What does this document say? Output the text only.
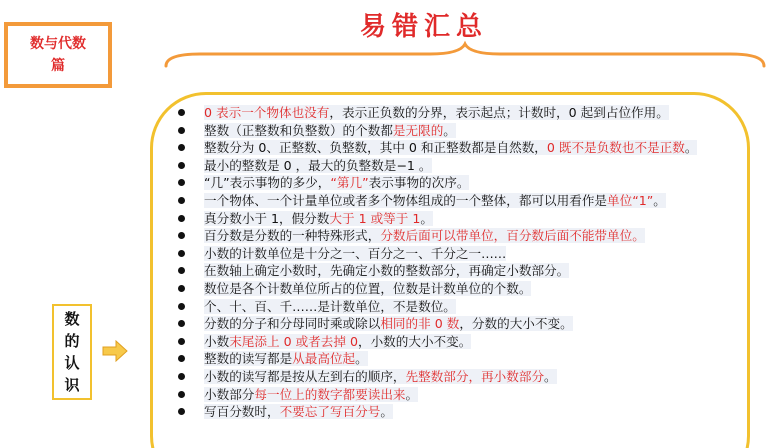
数与代数
篇
易错汇总
0 表示一个物体也没有，表示正负数的分界，表示起点；计数时，0 起到占位作用。
整数（正整数和负整数）的个数都是无限的。
整数分为 0、正整数、负整数，其中 0 和正整数都是自然数，0 既不是负数也不是正数。
最小的整数是 0 ，最大的负整数是−1 。
“几”表示事物的多少，“第几”表示事物的次序。
一个物体、一个计量单位或者多个物体组成的一个整体，都可以用看作是单位“1”。
真分数小于 1，假分数大于 1 或等于 1。
百分数是分数的一种特殊形式，分数后面可以带单位，百分数后面不能带单位。
小数的计数单位是十分之一、百分之一、千分之一……
在数轴上确定小数时，先确定小数的整数部分，再确定小数部分。
数位是各个计数单位所占的位置，位数是计数单位的个数。
个、十、百、千……是计数单位，不是数位。
分数的分子和分母同时乘或除以相同的非 0 数，分数的大小不变。
小数末尾添上 0 或者去掉 0，小数的大小不变。
整数的读写都是从最高位起。
小数的读写都是按从左到右的顺序，先整数部分，再小数部分。
小数部分每一位上的数字都要读出来。
写百分数时，不要忘了写百分号。
数
的
认
识
